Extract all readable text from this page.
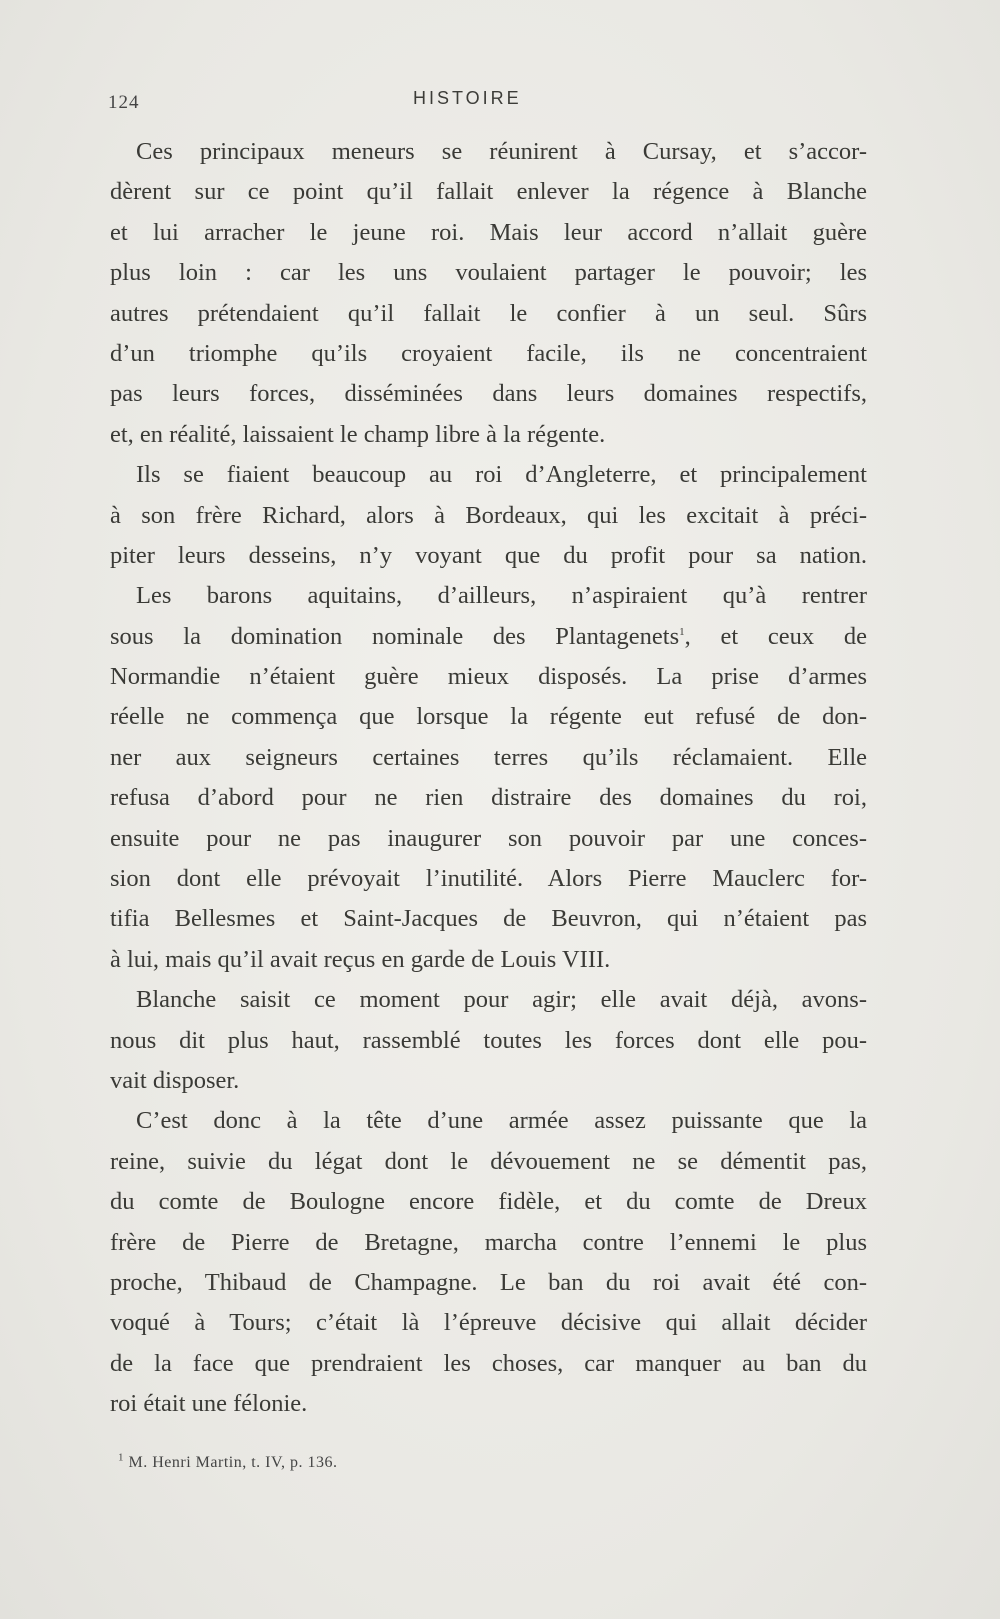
124	HISTOIRE
Ces principaux meneurs se réunirent à Cursay, et s’accor-
dèrent sur ce point qu’il fallait enlever la régence à Blanche
et lui arracher le jeune roi. Mais leur accord n’allait guère
plus loin : car les uns voulaient partager le pouvoir; les
autres prétendaient qu’il fallait le confier à un seul. Sûrs
d’un triomphe qu’ils croyaient facile, ils ne concentraient
pas leurs forces, disséminées dans leurs domaines respectifs,
et, en réalité, laissaient le champ libre à la régente.
Ils se fiaient beaucoup au roi d’Angleterre, et principalement
à son frère Richard, alors à Bordeaux, qui les excitait à préci-
piter leurs desseins, n’y voyant que du profit pour sa nation.
Les barons aquitains, d’ailleurs, n’aspiraient qu’à rentrer
sous la domination nominale des Plantagenets$^1$, et ceux de
Normandie n’étaient guère mieux disposés. La prise d’armes
réelle ne commença que lorsque la régente eut refusé de don-
ner aux seigneurs certaines terres qu’ils réclamaient. Elle
refusa d’abord pour ne rien distraire des domaines du roi,
ensuite pour ne pas inaugurer son pouvoir par une conces-
sion dont elle prévoyait l’inutilité. Alors Pierre Mauclerc for-
tifia Bellesmes et Saint-Jacques de Beuvron, qui n’étaient pas
à lui, mais qu’il avait reçus en garde de Louis VIII.
Blanche saisit ce moment pour agir; elle avait déjà, avons-
nous dit plus haut, rassemblé toutes les forces dont elle pou-
vait disposer.
C’est donc à la tête d’une armée assez puissante que la
reine, suivie du légat dont le dévouement ne se démentit pas,
du comte de Boulogne encore fidèle, et du comte de Dreux
frère de Pierre de Bretagne, marcha contre l’ennemi le plus
proche, Thibaud de Champagne. Le ban du roi avait été con-
voqué à Tours; c’était là l’épreuve décisive qui allait décider
de la face que prendraient les choses, car manquer au ban du
roi était une félonie.
$^1$ M. Henri Martin, t. IV, p. 136.
